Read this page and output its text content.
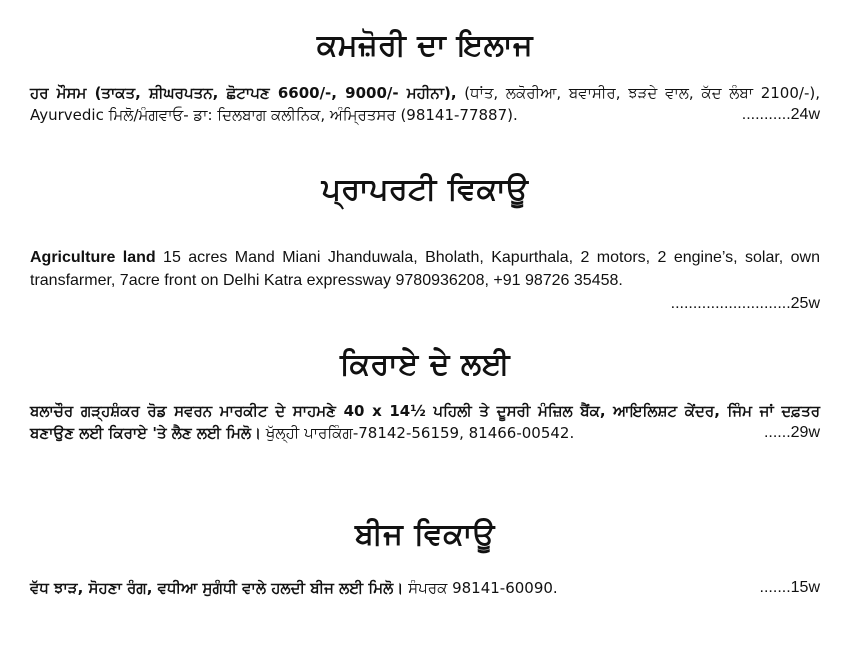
ਕਮਜ਼ੋਰੀ ਦਾ ਇਲਾਜ
ਹਰ ਮੌਸਮ (ਤਾਕਤ, ਸ਼ੀਘਰਪਤਨ, ਛੋਟਾਪਣ 6600/-, 9000/- ਮਹੀਨਾ), (ਧਾਂਤ, ਲਕੋਰੀਆ, ਬਵਾਸੀਰ, ਝੜਦੇ ਵਾਲ, ਕੱਦ ਲੰਬਾ 2100/-), Ayurvedic ਮਿਲੋ/ਮੰਗਵਾਓ- ਡਾ: ਦਿਲਬਾਗ ਕਲੀਨਿਕ, ਅੰਮ੍ਰਿਤਸਰ (98141-77887).	...........24w
ਪ੍ਰਾਪਰਟੀ ਵਿਕਾਊ
Agriculture land 15 acres Mand Miani Jhanduwala, Bholath, Kapurthala, 2 motors, 2 engine’s, solar, own transfarmer, 7acre front on Delhi Katra expressway 9780936208, +91 98726 35458.

...........................25w
ਕਿਰਾਏ ਦੇ ਲਈ
ਬਲਾਚੌਰ ਗੜ੍ਹਸ਼ੰਕਰ ਰੋਡ ਸਵਰਨ ਮਾਰਕੀਟ ਦੇ ਸਾਹਮਣੇ 40 x 14½ ਪਹਿਲੀ ਤੇ ਦੂਸਰੀ ਮੰਜ਼ਿਲ ਬੈਂਕ, ਆਇਲਿਸ਼ਟ ਕੇਂਦਰ, ਜਿੰਮ ਜਾਂ ਦਫ਼ਤਰ ਬਣਾਉਣ ਲਈ ਕਿਰਾਏ 'ਤੇ ਲੈਣ ਲਈ ਮਿਲੋ। ਖੁੱਲ੍ਹੀ ਪਾਰਕਿੰਗ-78142-56159, 81466-00542.	......29w
ਬੀਜ ਵਿਕਾਊ
ਵੱਧ ਝਾੜ, ਸੋਹਣਾ ਰੰਗ, ਵਧੀਆ ਸੁਗੰਧੀ ਵਾਲੇ ਹਲਦੀ ਬੀਜ ਲਈ ਮਿਲੋ। ਸੰਪਰਕ 98141-60090.	.......15w
